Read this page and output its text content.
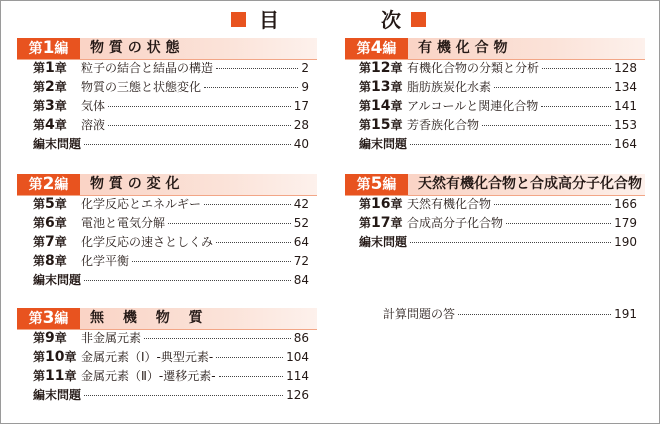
目	次
第1編	物 質 の 状 態
第1章	粒子の結合と結晶の構造	2
第2章	物質の三態と状態変化	9
第3章	気体	17
第4章	溶液	28
編末問題	40
第2編	物 質 の 変 化
第5章	化学反応とエネルギー	42
第6章	電池と電気分解	52
第7章	化学反応の速さとしくみ	64
第8章	化学平衡	72
編末問題	84
第3編	無 　機 　物 　質
第9章	非金属元素	86
第10章 金属元素（Ⅰ）-典型元素-	104
第11章 金属元素（Ⅱ）-遷移元素-	114
編末問題	126
第4編	有 機 化 合 物
第12章 有機化合物の分類と分析	128
第13章 脂肪族炭化水素	134
第14章 アルコールと関連化合物	141
第15章 芳香族化合物	153
編末問題	164
第5編	天然有機化合物と合成高分子化合物
第16章 天然有機化合物	166
第17章 合成高分子化合物	179
編末問題	190
計算問題の答	191
